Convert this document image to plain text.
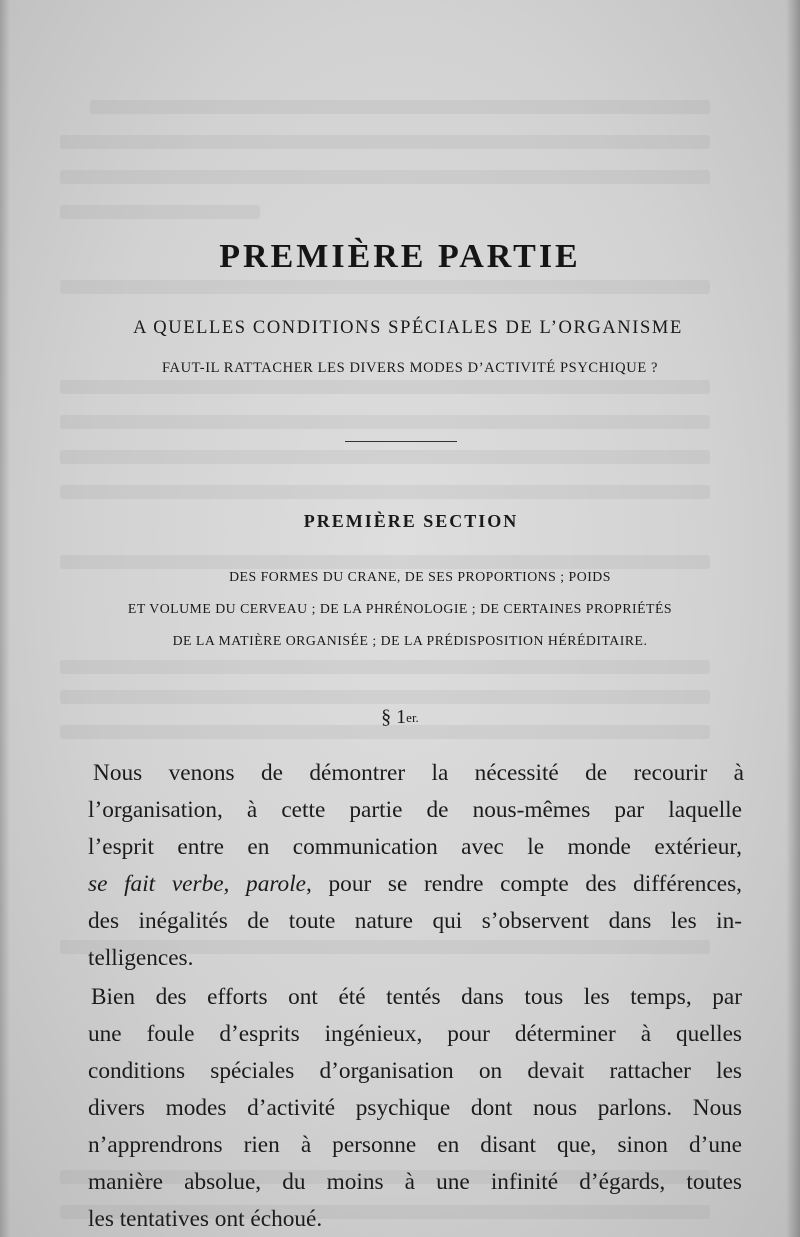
PREMIÈRE PARTIE
A QUELLES CONDITIONS SPÉCIALES DE L’ORGANISME
FAUT-IL RATTACHER LES DIVERS MODES D’ACTIVITÉ PSYCHIQUE ?
PREMIÈRE SECTION
DES FORMES DU CRANE, DE SES PROPORTIONS ; POIDS
ET VOLUME DU CERVEAU ; DE LA PHRÉNOLOGIE ; DE CERTAINES PROPRIÉTÉS
DE LA MATIÈRE ORGANISÉE ; DE LA PRÉDISPOSITION HÉRÉDITAIRE.
§ $1^{er.}$
Nous venons de démontrer la nécessité de recourir à
l’organisation, à cette partie de nous-mêmes par laquelle
l’esprit entre en communication avec le monde extérieur,
se fait verbe, parole, pour se rendre compte des différences,
des inégalités de toute nature qui s’observent dans les in-
telligences.
Bien des efforts ont été tentés dans tous les temps, par
une foule d’esprits ingénieux, pour déterminer à quelles
conditions spéciales d’organisation on devait rattacher les
divers modes d’activité psychique dont nous parlons. Nous
n’apprendrons rien à personne en disant que, sinon d’une
manière absolue, du moins à une infinité d’égards, toutes
les tentatives ont échoué.
